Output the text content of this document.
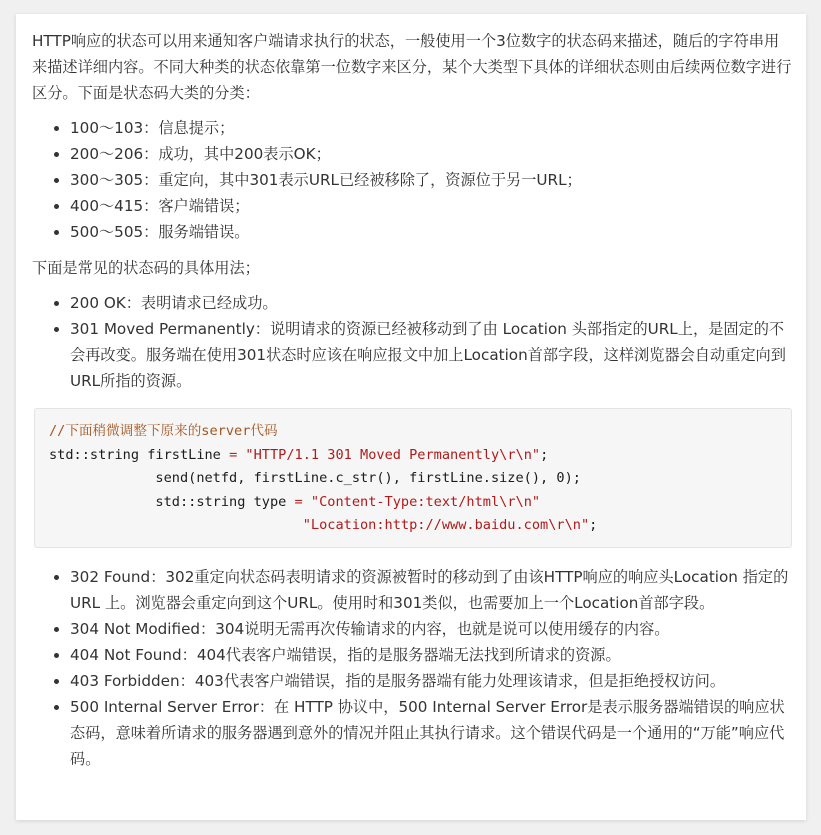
HTTP响应的状态可以用来通知客户端请求执行的状态，一般使用一个3位数字的状态码来描述，随后的字符串用来描述详细内容。不同大种类的状态依靠第一位数字来区分，某个大类型下具体的详细状态则由后续两位数字进行区分。下面是状态码大类的分类：

• 100～103：信息提示；
• 200～206：成功，其中200表示OK；
• 300～305：重定向，其中301表示URL已经被移除了，资源位于另一URL；
• 400～415：客户端错误；
• 500～505：服务端错误。

下面是常见的状态码的具体用法；

• 200 OK：表明请求已经成功。
• 301 Moved Permanently：说明请求的资源已经被移动到了由 Location 头部指定的URL上，是固定的不会再改变。服务端在使用301状态时应该在响应报文中加上Location首部字段，这样浏览器会自动重定向到URL所指的资源。
//下面稍微调整下原来的server代码
std::string firstLine = "HTTP/1.1 301 Moved Permanently\r\n";
send(netfd, firstLine.c_str(), firstLine.size(), 0);
std::string type = "Content-Type:text/html\r\n"
"Location:http://www.baidu.com\r\n";
• 302 Found：302重定向状态码表明请求的资源被暂时的移动到了由该HTTP响应的响应头Location 指定的 URL 上。浏览器会重定向到这个URL。使用时和301类似，也需要加上一个Location首部字段。
• 304 Not Modified：304说明无需再次传输请求的内容，也就是说可以使用缓存的内容。
• 404 Not Found：404代表客户端错误，指的是服务器端无法找到所请求的资源。
• 403 Forbidden：403代表客户端错误，指的是服务器端有能力处理该请求，但是拒绝授权访问。
• 500 Internal Server Error：在 HTTP 协议中，500 Internal Server Error是表示服务器端错误的响应状态码，意味着所请求的服务器遇到意外的情况并阻止其执行请求。这个错误代码是一个通用的“万能”响应代码。
